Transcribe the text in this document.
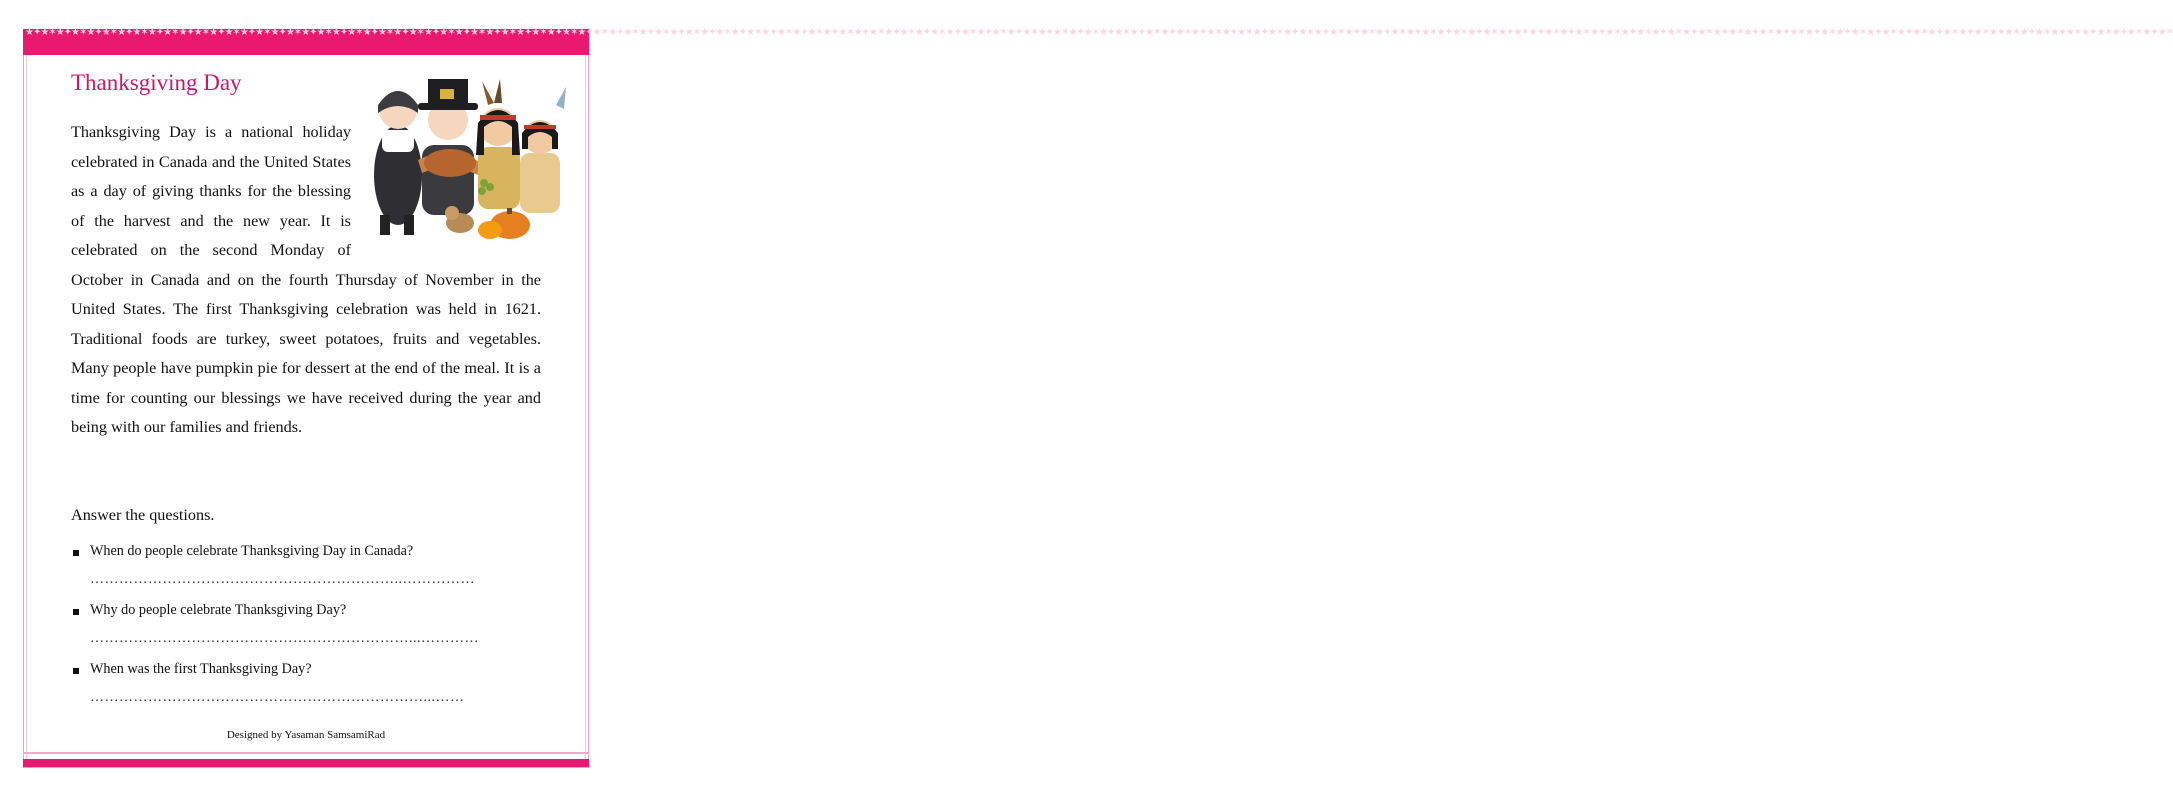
★✦★✶★✦★✶★✦★✶★✦★✶★✦★✶★✦★✶★✦★✶★✦★✶★✦★✶★✦★✶★✦★✶★✦★✶★✦★✶★✦★✶★✦★✶★✦★✶★✦★✶★✦★✶★✦★✶★✦★✶★✦★✶★✦★✶★✦★✶★✦★✶★✦★✶★✦★✶★✦★✶★✦★✶★✦★✶★✦★✶★✦★✶★✦★✶★✦★✶★✦★✶★✦★✶★✦★✶★✦★✶★✦★✶★✦★✶★✦★✶★✦★✶★✦★✶★✦★✶★✦★✶★✦★✶★✦★✶★✦★✶★✦★✶★✦★✶★✦★✶★✦★✶★✦★✶★✦★✶★✦★✶★✦★✶★✦★✶★✦★✶★✦★✶★✦★✶★✦★✶★✦★✶★✦★✶★✦★✶★✦★✶★✦★✶★✦★✶★✦★✶★✦★✶★✦★✶★✦★✶
Thanksgiving Day
Thanksgiving Day is a national holiday celebrated in Canada and the United States as a day of giving thanks for the blessing of the harvest and the new year. It is celebrated on the second Monday of October in Canada and on the fourth Thursday of November in the United States. The first Thanksgiving celebration was held in 1621. Traditional foods are turkey, sweet potatoes, fruits and vegetables. Many people have pumpkin pie for dessert at the end of the meal. It is a time for counting our blessings we have received during the year and being with our families and friends.
Answer the questions.
When do people celebrate Thanksgiving Day in Canada?
………………………………………………………..……………
Why do people celebrate Thanksgiving Day?
…………………………………………………………...…………
When was the first Thanksgiving Day?
……………………………………………………………...……
Designed by Yasaman SamsamiRad
